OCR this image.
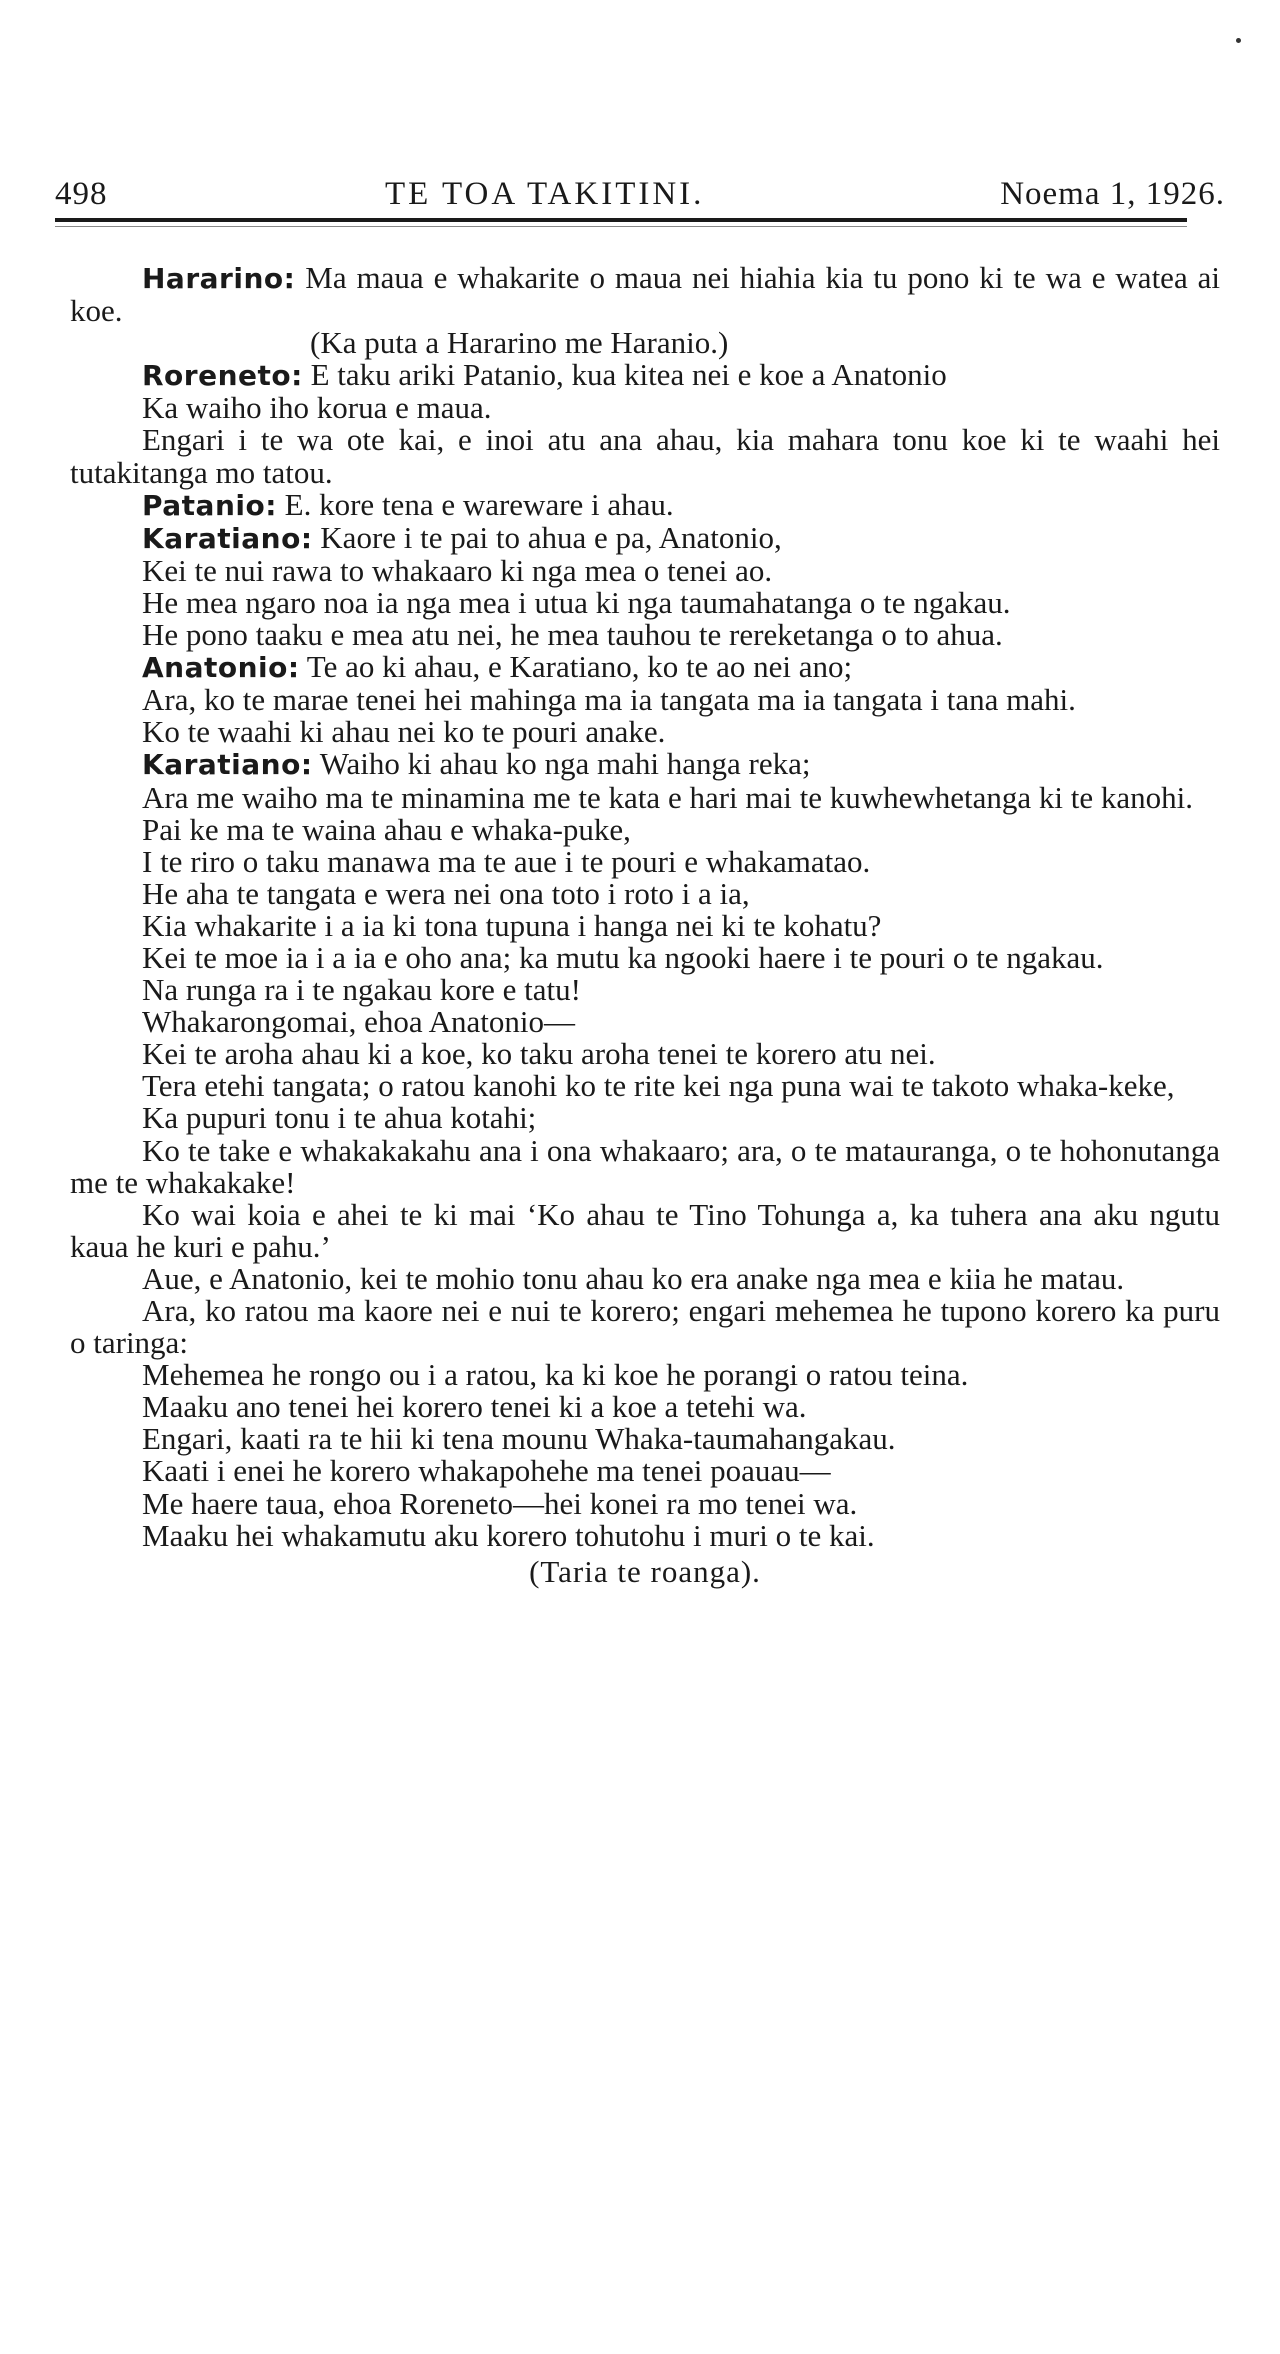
498	TE TOA TAKITINI.	Noema 1, 1926.

Hararino: Ma maua e whakarite o maua nei hiahia kia tu pono ki te wa e watea ai koe.

(Ka puta a Hararino me Haranio.)

Roreneto: E taku ariki Patanio, kua kitea nei e koe a Anatonio

Ka waiho iho korua e maua.

Engari i te wa ote kai, e inoi atu ana ahau, kia mahara tonu koe ki te waahi hei tutakitanga mo tatou.

Patanio: E. kore tena e wareware i ahau.

Karatiano: Kaore i te pai to ahua e pa, Anatonio,

Kei te nui rawa to whakaaro ki nga mea o tenei ao.

He mea ngaro noa ia nga mea i utua ki nga taumahatanga o te ngakau.

He pono taaku e mea atu nei, he mea tauhou te rereketanga o to ahua.

Anatonio: Te ao ki ahau, e Karatiano, ko te ao nei ano;

Ara, ko te marae tenei hei mahinga ma ia tangata ma ia tangata i tana mahi.

Ko te waahi ki ahau nei ko te pouri anake.

Karatiano: Waiho ki ahau ko nga mahi hanga reka;

Ara me waiho ma te minamina me te kata e hari mai te kuwhewhetanga ki te kanohi.

Pai ke ma te waina ahau e whaka-puke,

I te riro o taku manawa ma te aue i te pouri e whakamatao.

He aha te tangata e wera nei ona toto i roto i a ia,

Kia whakarite i a ia ki tona tupuna i hanga nei ki te kohatu?

Kei te moe ia i a ia e oho ana; ka mutu ka ngooki haere i te pouri o te ngakau.

Na runga ra i te ngakau kore e tatu!

Whakarongomai, ehoa Anatonio—

Kei te aroha ahau ki a koe, ko taku aroha tenei te korero atu nei.

Tera etehi tangata; o ratou kanohi ko te rite kei nga puna wai te takoto whaka-keke,

Ka pupuri tonu i te ahua kotahi;

Ko te take e whakakakahu ana i ona whakaaro; ara, o te matauranga, o te hohonutanga me te whakakake!

Ko wai koia e ahei te ki mai ‘Ko ahau te Tino Tohunga a, ka tuhera ana aku ngutu kaua he kuri e pahu.’

Aue, e Anatonio, kei te mohio tonu ahau ko era anake nga mea e kiia he matau.

Ara, ko ratou ma kaore nei e nui te korero; engari mehemea he tupono korero ka puru o taringa:

Mehemea he rongo ou i a ratou, ka ki koe he porangi o ratou teina.

Maaku ano tenei hei korero tenei ki a koe a tetehi wa.

Engari, kaati ra te hii ki tena mounu Whaka-taumahangakau.

Kaati i enei he korero whakapohehe ma tenei poauau—

Me haere taua, ehoa Roreneto—hei konei ra mo tenei wa.

Maaku hei whakamutu aku korero tohutohu i muri o te kai.

(Taria te roanga).
